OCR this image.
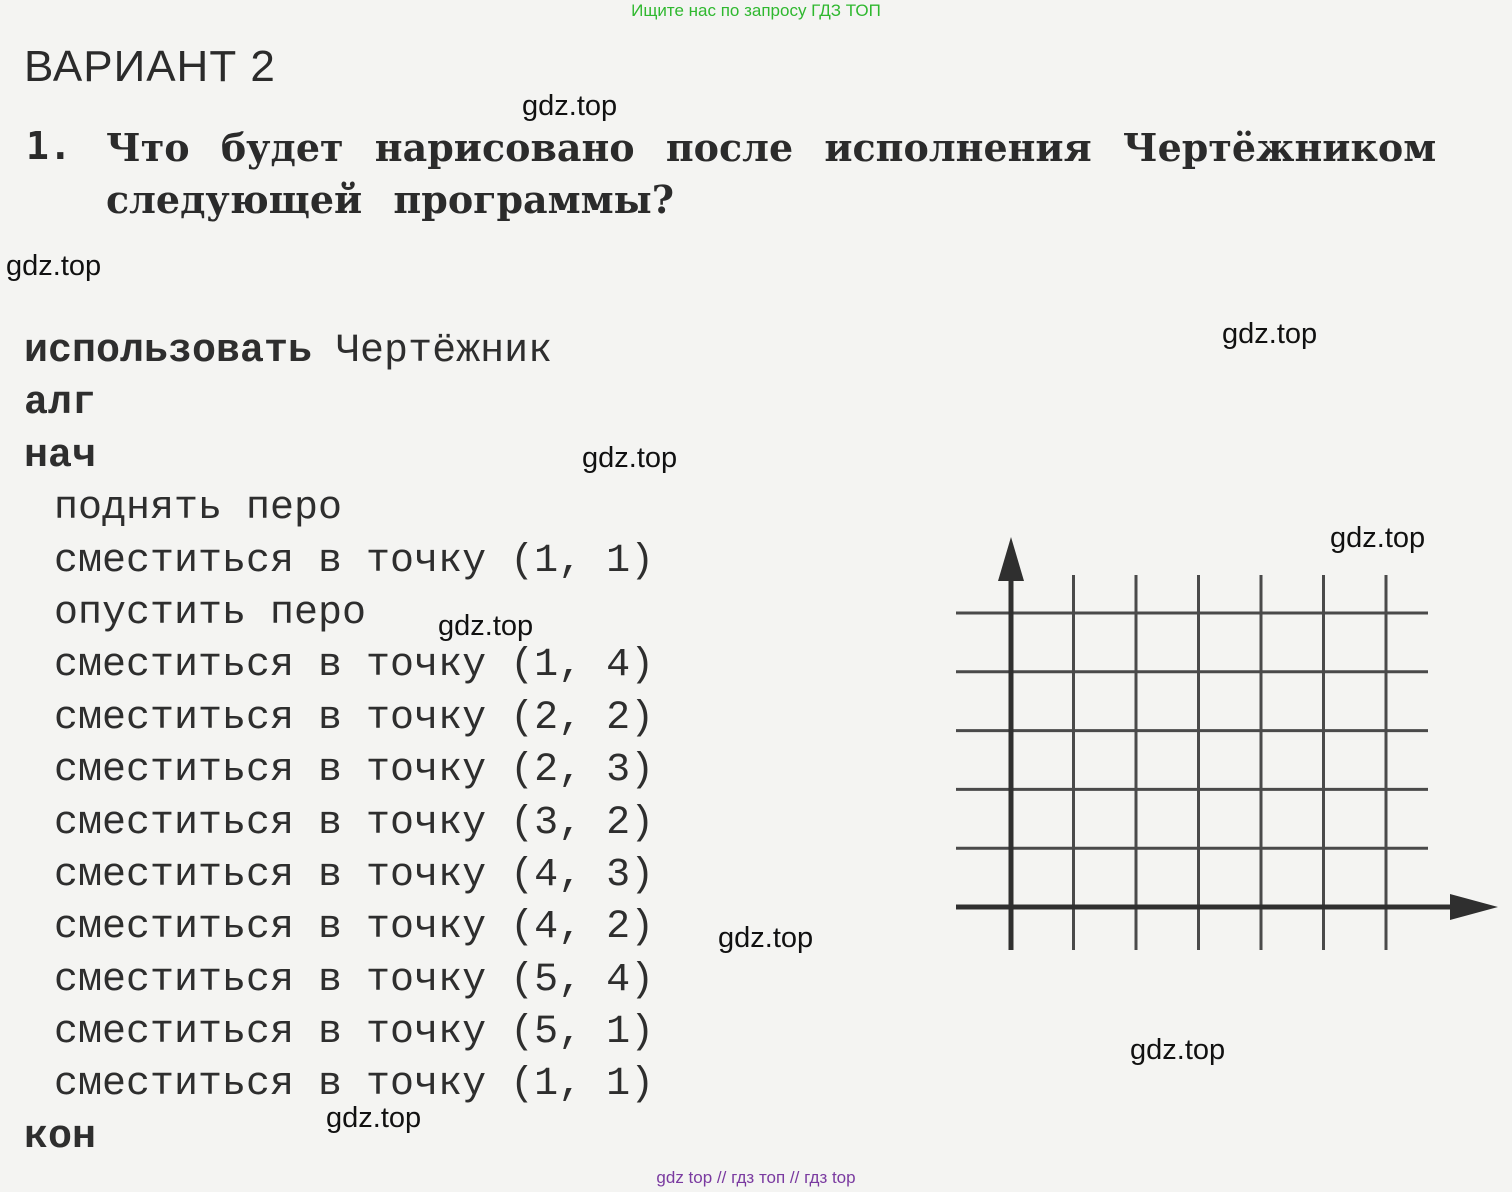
Ищите нас по запросу ГДЗ ТОП
ВАРИАНТ 2
1. Что будет нарисовано после исполнения Чертёжником следующей программы?
использовать Чертёжник
алг
нач
поднять перо
сместиться в точку (1, 1)
опустить перо
сместиться в точку (1, 4)
сместиться в точку (2, 2)
сместиться в точку (2, 3)
сместиться в точку (3, 2)
сместиться в точку (4, 3)
сместиться в точку (4, 2)
сместиться в точку (5, 4)
сместиться в точку (5, 1)
сместиться в точку (1, 1)
кон
gdz.top
gdz.top
gdz.top
gdz.top
gdz.top
gdz.top
gdz.top
gdz.top
gdz.top
gdz top // гдз топ // гдз top
